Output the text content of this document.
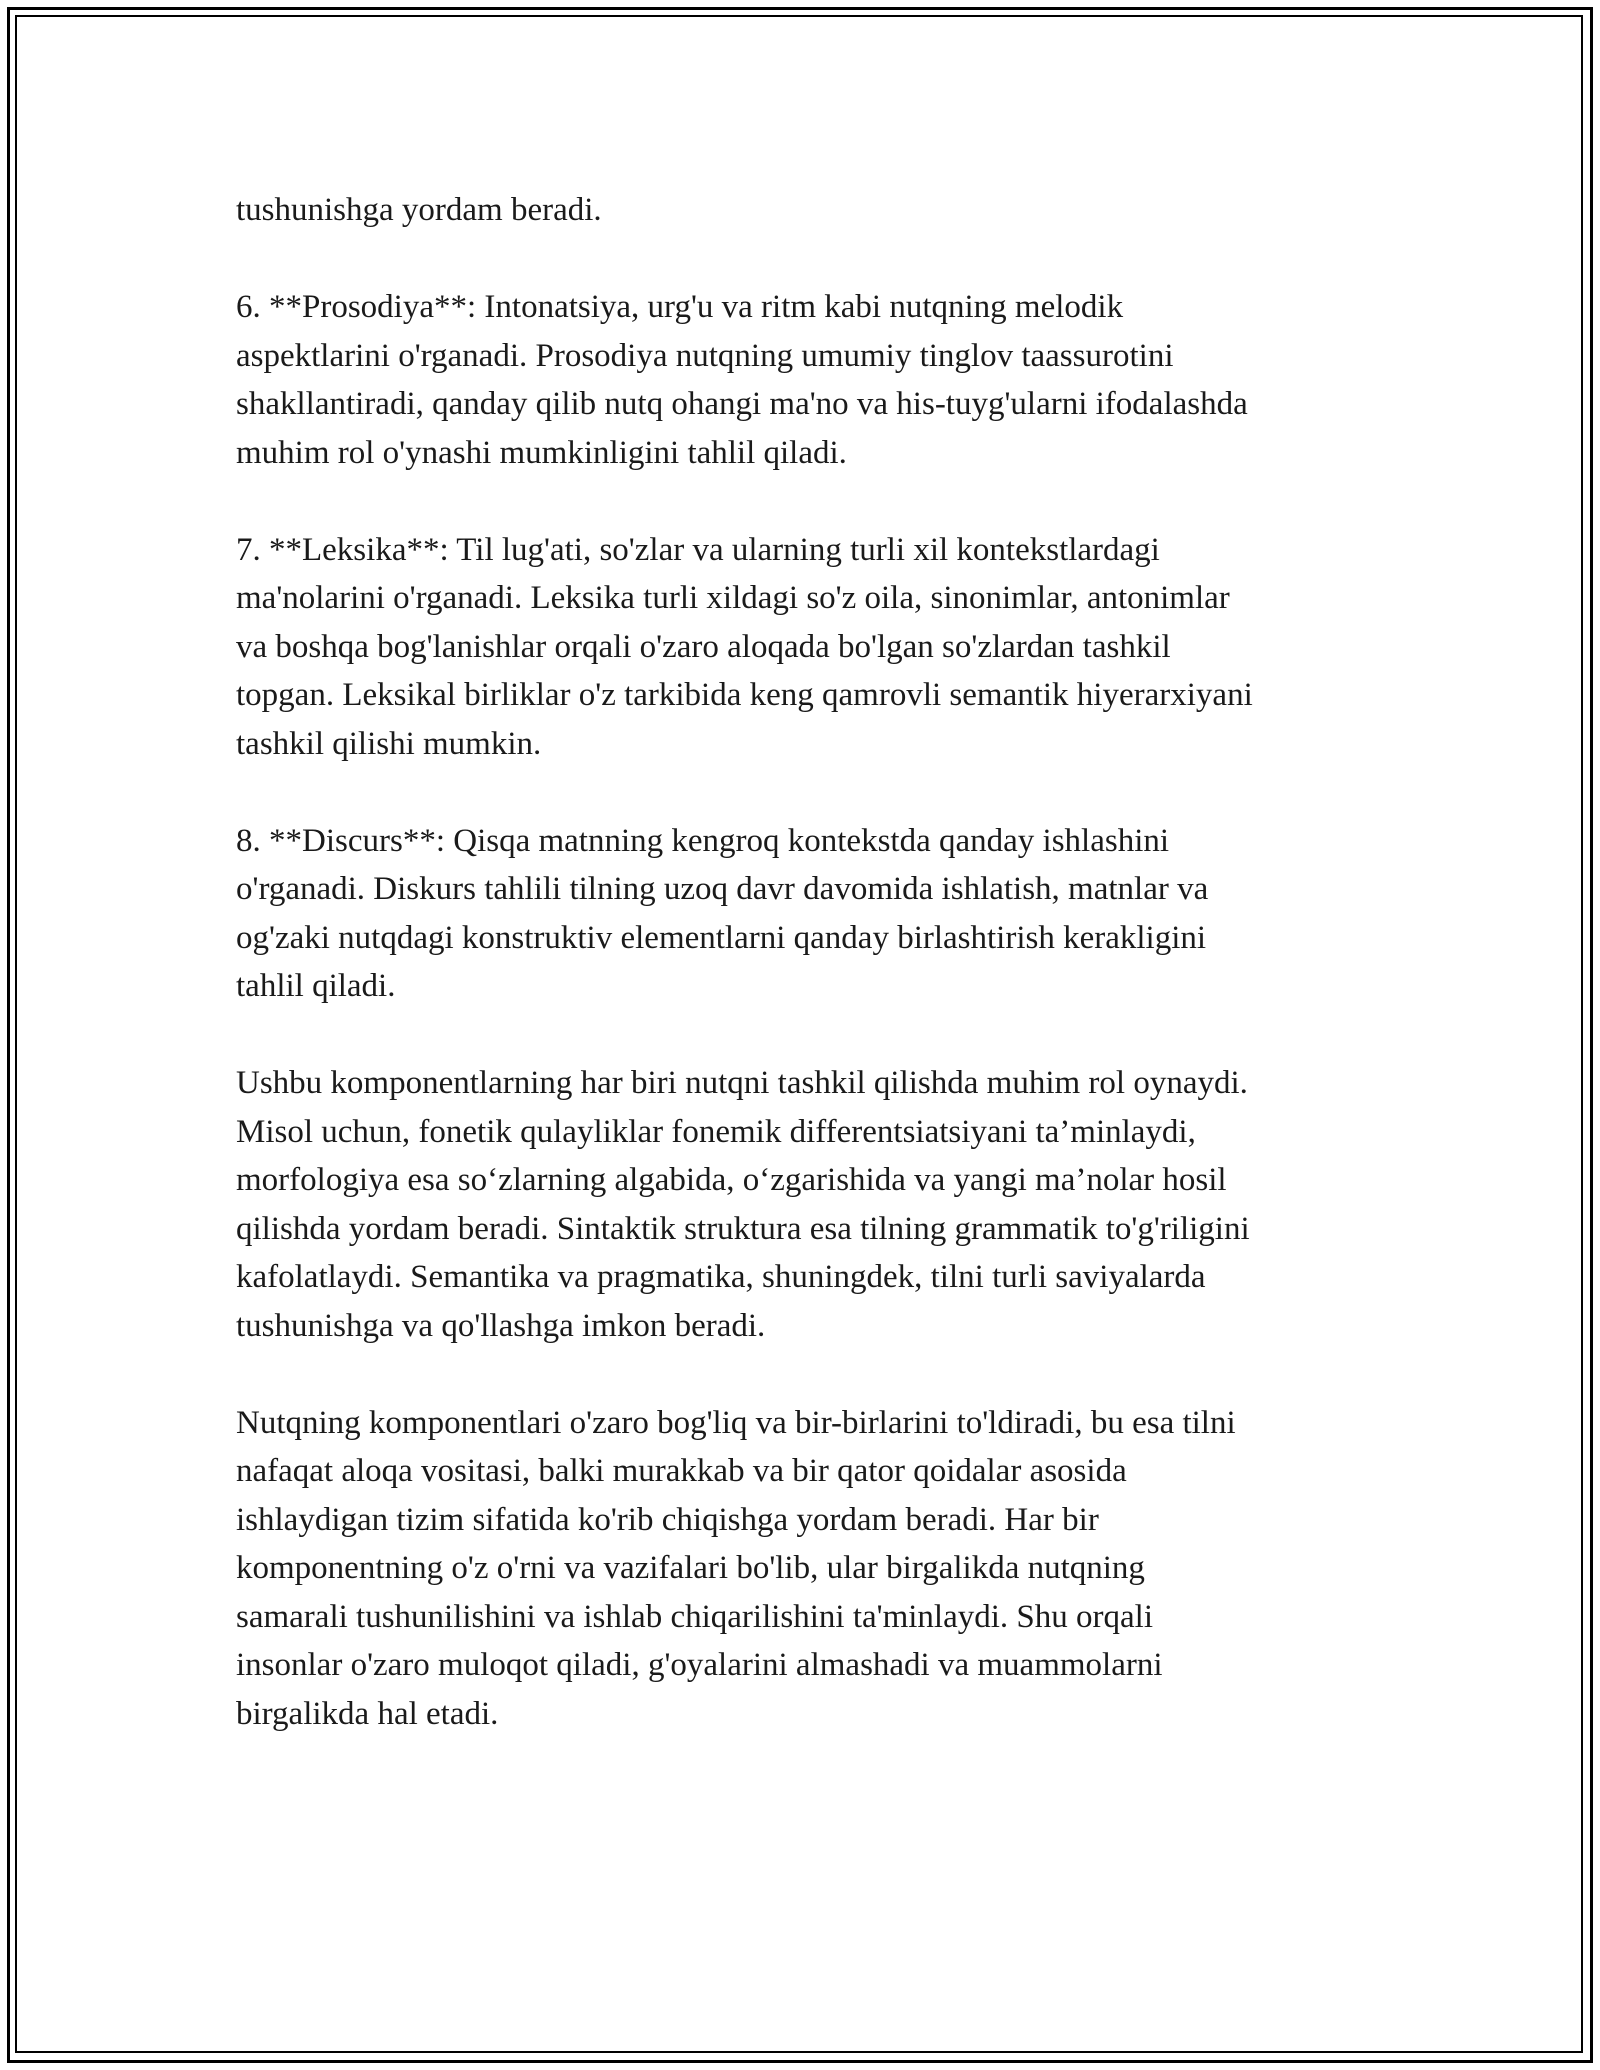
tushunishga yordam beradi.

6. **Prosodiya**: Intonatsiya, urg'u va ritm kabi nutqning melodik
aspektlarini o'rganadi. Prosodiya nutqning umumiy tinglov taassurotini
shakllantiradi, qanday qilib nutq ohangi ma'no va his-tuyg'ularni ifodalashda
muhim rol o'ynashi mumkinligini tahlil qiladi.

7. **Leksika**: Til lug'ati, so'zlar va ularning turli xil kontekstlardagi
ma'nolarini o'rganadi. Leksika turli xildagi so'z oila, sinonimlar, antonimlar
va boshqa bog'lanishlar orqali o'zaro aloqada bo'lgan so'zlardan tashkil
topgan. Leksikal birliklar o'z tarkibida keng qamrovli semantik hiyerarxiyani
tashkil qilishi mumkin.

8. **Discurs**: Qisqa matnning kengroq kontekstda qanday ishlashini
o'rganadi. Diskurs tahlili tilning uzoq davr davomida ishlatish, matnlar va
og'zaki nutqdagi konstruktiv elementlarni qanday birlashtirish kerakligini
tahlil qiladi.

Ushbu komponentlarning har biri nutqni tashkil qilishda muhim rol oynaydi.
Misol uchun, fonetik qulayliklar fonemik differentsiatsiyani ta’minlaydi,
morfologiya esa so‘zlarning algabida, o‘zgarishida va yangi ma’nolar hosil
qilishda yordam beradi. Sintaktik struktura esa tilning grammatik to'g'riligini
kafolatlaydi. Semantika va pragmatika, shuningdek, tilni turli saviyalarda
tushunishga va qo'llashga imkon beradi.

Nutqning komponentlari o'zaro bog'liq va bir-birlarini to'ldiradi, bu esa tilni
nafaqat aloqa vositasi, balki murakkab va bir qator qoidalar asosida
ishlaydigan tizim sifatida ko'rib chiqishga yordam beradi. Har bir
komponentning o'z o'rni va vazifalari bo'lib, ular birgalikda nutqning
samarali tushunilishini va ishlab chiqarilishini ta'minlaydi. Shu orqali
insonlar o'zaro muloqot qiladi, g'oyalarini almashadi va muammolarni
birgalikda hal etadi.
